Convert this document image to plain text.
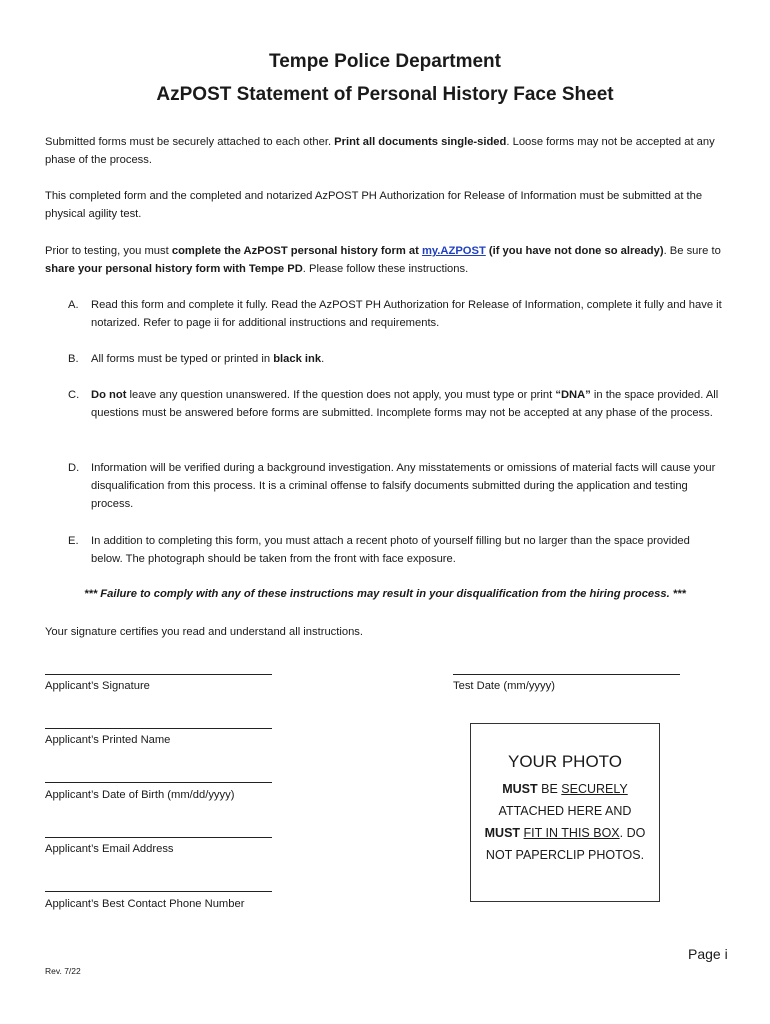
Tempe Police Department
AzPOST Statement of Personal History Face Sheet
Submitted forms must be securely attached to each other. Print all documents single-sided. Loose forms may not be accepted at any phase of the process.
This completed form and the completed and notarized AzPOST PH Authorization for Release of Information must be submitted at the physical agility test.
Prior to testing, you must complete the AzPOST personal history form at my.AZPOST (if you have not done so already). Be sure to share your personal history form with Tempe PD. Please follow these instructions.
A. Read this form and complete it fully. Read the AzPOST PH Authorization for Release of Information, complete it fully and have it notarized. Refer to page ii for additional instructions and requirements.
B. All forms must be typed or printed in black ink.
C. Do not leave any question unanswered. If the question does not apply, you must type or print “DNA” in the space provided. All questions must be answered before forms are submitted. Incomplete forms may not be accepted at any phase of the process.
D. Information will be verified during a background investigation. Any misstatements or omissions of material facts will cause your disqualification from this process. It is a criminal offense to falsify documents submitted during the application and testing process.
E. In addition to completing this form, you must attach a recent photo of yourself filling but no larger than the space provided below. The photograph should be taken from the front with face exposure.
*** Failure to comply with any of these instructions may result in your disqualification from the hiring process. ***
Your signature certifies you read and understand all instructions.
Applicant’s Signature	Test Date (mm/yyyy)
Applicant’s Printed Name
Applicant’s Date of Birth (mm/dd/yyyy)
Applicant’s Email Address
Applicant’s Best Contact Phone Number
YOUR PHOTO
MUST BE SECURELY
ATTACHED HERE AND
MUST FIT IN THIS BOX. DO
NOT PAPERCLIP PHOTOS.
Page i
Rev. 7/22
